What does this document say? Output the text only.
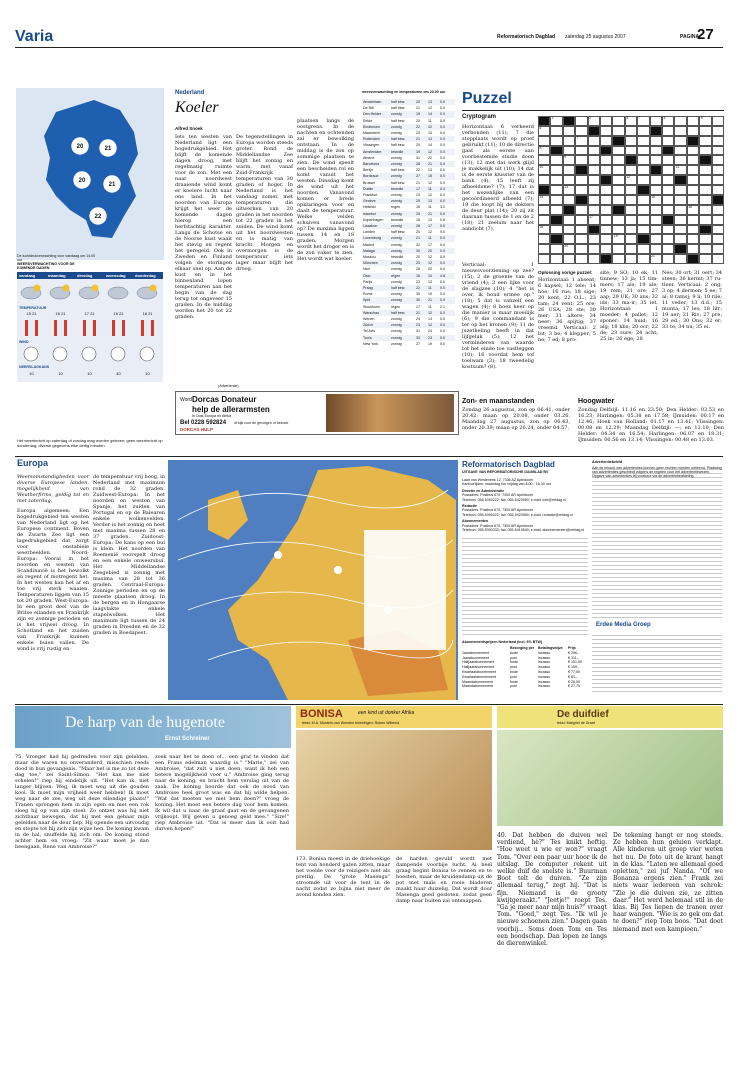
Varia	Reformatorisch Dagblad zaterdag 25 augustus 2007	PAGINA
27
20	21
20
21
22
De luchtdrukverwachting voor vandaag om 14.00 uur
WEERSVERWACHTING VOOR DE KOMENDE DAGEN
vandaag	maandag	dinsdag	woensdag donderdag
TEMPERATUUR
15 21	16 21	17 21	16 21	16 21
WIND
NEERSLAGKANS
10	10	10	40	10
Het weerbericht op zaterdag of zondag mag worden gelezen; geen weerbericht op donderdag; diverse gegevens elke dertig minuten.
Nederland
Koeler
Alfred Snoek
Iets ten westen van Nederland ligt een hogedrukgebied. Het blijft de komende dagen droog, met regelmatig ruimte voor de zon. Met een naar noordwest draaiende wind komt er koelere lucht naar ons land. In het noorden van Europa krijgt het weer de komende dagen hierop een herfstachtig karakter. Langs de Schotse en de Noorse kust waait het stevig en regent het geregeld. Ook in Zweden en Finland volgen de storingen elkaar snel op. Aan de kust en in het binnenland lopen temperaturen aan het begin van de dag terug tot ongeveer 15 graden. In de middag worden het 20 tot 22 graden.
De tegenstellingen in Europa worden steeds groter. Rond de Middellandse Zee blijft het zonnig en warm, met vanaf Zuid-Frankrijk temperaturen van 30 graden of hoger. In Nederland is het vandaag zomer, met temperaturen die uitwerken van 20 graden in het noorden tot 22 graden in het zuiden. De wind komt uit het noordwesten en is matig van kracht. Morgen en overmorgen is de temperatuur iets lager maar blijft het droog.
plaatsen langs de oostgrens. In de nachten en ochtenden zal er bewolking ontstaan. In de middag is de zon op sommige plaatsen te zien. De wind speelt een bescheiden rol en komt vanuit het westen. Dinsdag komt de wind uit het noorden. Vanavond komen er brede opklaringen voor en daalt de temperatuur. Welke velden schuiven vanavond op? De maxima liggen tussen 14 en 18 graden. Morgen wordt het droger en is de zon vaker te zien. Het wordt wat koeler.
weersverwachting en temperaturen om 20.00 uur
Amsterdam	half bew.	20	13	0.0
De Bilt	half bew.	21	12	0.0
Den Helder	zonnig	19	14	0.0
Eelde	half bew.	20	11	0.0
Eindhoven	zonnig	22	12	0.0
Maastricht	zonnig	23	13	0.0
Rotterdam	half bew.	21	13	0.0
Vlissingen	half bew.	20	14	0.0
Amsterdam	bewolkt	19	12	0.0
Athene	zonnig	31	22	0.0
Barcelona	zonnig	28	21	0.0
Berlijn	half bew.	22	13	0.0
Bordeaux	zonnig	27	15	0.0
Brussel	half bew.	21	12	0.0
Dublin	bewolkt	17	11	0.4
Frankfurt	zonnig	23	12	0.0
Genève	zonnig	25	13	0.0
Helsinki	regen	16	11	3.2
Istanbul	zonnig	29	21	0.0
Kopenhagen	bewolkt	18	13	0.6
Lissabon	zonnig	28	17	0.0
Londen	half bew.	20	12	0.0
Luxemburg	zonnig	21	11	0.0
Madrid	zonnig	32	17	0.0
Malaga	zonnig	30	20	0.0
Moskou	bewolkt	20	12	0.0
München	zonnig	23	12	0.0
Nice	zonnig	28	20	0.0
Oslo	regen	16	10	4.8
Parijs	zonnig	23	13	0.0
Praag	half bew.	22	11	0.0
Rome	zonnig	30	19	0.0
Split	zonnig	30	21	0.0
Stockholm	regen	17	11	2.1
Warschau	half bew.	21	12	0.0
Wenen	zonnig	24	14	0.0
Zürich	zonnig	23	12	0.0
Tel Aviv	zonnig	31	24	0.0
Tunis	zonnig	33	23	0.0
New York	zonnig	27	19	0.0
(Advertentie)
Word Dorcas Donateur
help de allerarmsten
in Oost-Europa en Afrika
Bel 0228 592824 of kijk voor de gevolgen of bezoek
DORCAS HULP
Puzzel
Cryptogram
Horizontaal: 6 verkeerd verbonden (11); 7 die stopplaats wordt op proef gebruikt (11); 10 de directie gaat als eerste aan voorbestemde studie doen (13); 12 met dat werk glijd je makkelijk uit (10); 14 dat is de eerste klusster van de bank (4); 15 leeft zij afbeeldsme? (7); 17 dat is het wezenlijke van een gecoördineerd afbeeld (7); 19 die loopt bij de dokters de deur plat (14); 20 zij zit daaraan tussen de 1 en de 2 (18); 21 zeelum naar het aandicht (7).
Verticaal: 1 nieuwsvoorziening op zee? (15); 2 de groente van de vriend (4); 3 een lijke voor de slagzee (10); 4 "het is over, ik houd ermee op." (18); 5 dat is vanzelf een wagen (4); 8 hoez keer op die manier is maar moeilijk (6); 9 die commandant is ter op het kronen (9); 11 de juzetheling heeft in dat lijfgeluk (5); 12 het verminderen van waarde tot het einde toe vastleggen (10); 16 voordat hem tof toelwam (3); 18 tweedelig kostuum? (8).
1	2	3	4	5
6
7
8
9
10	11
12
13
14	15
16
17
18
19
20
21
Oplossing vorige puzzel:
Horizontaal: 1 absent; 6 kapsel; 12 tele; 14 hoe; 16 rus; 18 sige; 20 kent; 22 O.L.; 23 tam; 24 vent; 25 ore; 26 USA; 28 ste; 30 mer; 31 altere; 34 neer; 36 spijtig; 37 vreemd. Verticaal: 2 bit; 3 be; 4 klepper; 5 ne; 7 ed; 8 pro-
site; 9 SO; 10 ek; 11 tinnew; 13 ja; 15 tim-mers; 17 als; 19 ale; 19 rem; 21 ore; 27 aap; 29 UK; 30 ans; 32 ids; 33 ma-ir; 35 iet. Horizontaal: 1 moeder; 4 pallet; 12 sponer; 14 huid; 16 alg; 18 kbx; 20 ocr; 22 de; 23 sure; 24 acht; 25 in; 26 ege; 28
Nes; 30 ort; 31 oert; 34 steen; 36 kermt; 37 ru-tleer. Verticaal: 2 ong; 3 op; 4 dermen; 5 ee; 7 al; 8 ramsj; 9 li; 10 rile; 11 veder; 13 d.d.; 15 munta; 17 les; 18 litr; 19 aer; 21 Riv; 27 pre; 29 ed.; 30 Ons; 32 er; 33 te; 34 nu; 35 ei.
Zon- en maanstanden
Zondag 26 augustus, zon op 06.41, onder 20.42; maan op 20.08, onder 03.26. Maandag 27 augustus, zon op 06.43, onder 20.39; maan op 20.24, onder 04.57.
Hoogwater
Zondag Delfzijl: 11.16 en 23.50; Den Helder: 03.53 en 16.23; Harlingen: 05.38 en 17.58; IJmuiden: 00.17 en 12.46; Hoek van Holland: 01.17 en 13.41; Vlissingen: 00.08 en 12.29; Maandag Delfzijl: —; en 12.10; Den Helder: 04.34 en 16.54; Harlingen: 06.07 en 18.31; IJmuiden: 00.56 en 13.14; Vlissingen: 00.48 en 13.03.
Europa
Weersomstandigheden voor diverse Europese landen, mogelijkheid van Weatherfirms, geldig tot en met zaterdag.
Europa algemeen: Een hogedrukgebied ten westen van Nederland ligt op het Europese continent. Boven de Zwarte Zee ligt een lagedrukgebied dat zorgt voor onstabiele weerbeelden. Noord-Europa: Vooral in het noorden en westen van Scandinavië is het bewolkt en regent of motregent het. In het westen kan het af en toe vrij sterk waaien. Temperaturen liggen van 15 tot 20 graden. West-Europa: In een groot deel van de Britse eilanden en Frankrijk zijn er zonnige perioden en is het vrijwel droog. In Schotland en het zuiden van Frankrijk kunnen enkele buien vallen. De wind is vrij rustig en
de temperatuur vrij hoog, in Nederland met maximum rond de 32 graden. Zuidwest-Europa: In het noorden en westen van Spanje, het zuiden van Portugal en op de Balearen enkele wolkenvelden. Verder is het zonnig en heet met maxima tussen 28 en 37 graden. Zuidoost-Europa: De kans op een bui is klein. Het noorden van Roemenië voorspelt droog en een enkele onweersbui. Het Middellandse Zeegebied is zonnig met maxima van 28 tot 36 graden. Centraal-Europa: Zonnige perioden en op de meeste plaatsen droog. In de bergen en in Hongaarse laagvlakte enkele stapelwolken. Het maximum ligt tussen de 24 graden in Dresden en de 32 graden in Boedapest.
Reformatorisch Dagblad
UITGAVE VAN REFORMATORISCHE DAGBLAD BV
Laan van Westenenk 12, 7336 AZ Apeldoorn
Kantoortijden: maandag t/m vrijdag van 8.00 - 16.30 uur
Directie en Administratie
Postadres: Postbus 670, 7300 AR Apeldoorn
Telefoon: 055-5390222; fax: 055-5423950; e-mail: info@refdag.nl
Redactie
Postadres: Postbus 670, 7300 AR Apeldoorn
Telefoon: 055-5390222; fax: 055-5423950; e-mail: redactie@refdag.nl
Abonnementen
Postadres: Postbus 670, 7300 AR Apeldoorn
Telefoon: 055-5390333; fax: 055-5419540; e-mail: abonnementen@refdag.nl
Abonnementsprijzen Nederland (incl. 6% BTW)
Bezorging per	Betalingswijze	Prijs
Jaarabonnement	bode	incasso	€ 296,-
Jaarabonnement	post	incasso	€ 311,-
Halfjaarabonnement	bode	incasso	€ 151,50
Halfjaarabonnement	post	incasso	€ 159,-
Kwartaalabonnement	bode	incasso	€ 77,50
Kwartaalabonnement	post	incasso	€ 81,-
Maandabonnement	bode	incasso	€ 26,50
Maandabonnement	post	incasso	€ 27,75
Advertentiebeleid
Aan de inhoud van advertenties kunnen geen rechten worden ontleend. Plaatsing van advertenties geschiedt volgens de regelen voor het advertentiewezen. Opgave van advertenties bij voorkeur via de advertentieafdeling.
Erdee Media Groep
De harp van de hugenote
Ernst Schreiner
75. Vroeger had hij gedreiden voor zijn gelelden, maar die waren nu onveranderd, misschien reeds dood in hun gevangenis. "Maar het is me zo tot deze dag toe," zei Saint-Simon. "Het kan me niet schelen!" riep hij eindelijk uit. "Het kan ik, niet langer blijven. Weg, ik moet weg uit die gouden kooi. Ik moet mijn vrijheid weer hebben! Ik moet weg naar de zee, weg uit deze ellendige plaats!" Tranen sprongen hem in zijn ogen en met een rok sloeg hij op van zijn stoel. Zo ontzet was hij niet zichtbaar bewogen, dat hij met een gebaar mijn gelelden naar de deur liep. Hij opende een uitvoudig en stopte tot hij zich zijn wijze hen. De koning kwam in de hal, snuffelde hij zich om. De koning stond achter hem en vroeg: "Zit waar moet je dan heengaan, Rene van Ambroise?"
zoek naar het te doen of... een graf te vinden dat een Frans edelman waardig is." "Marie," zei van Ambroise, "dat zult u niet doen, want ik heb een betere mogelijkheid voor u." Ambroise ging terug naar de koning, en bracht hem verslag uit van de zaak. De koning hoorde dat ook de nood van Ambroise heel groot was en dat hij wilde helpen. "Wat dat moeten we met hem doen?" vroeg de koning. Het moet een betere dag voor hem komen. Ik wil dat u naar de graaf gaat en de gevangenen vrijkoopt. Wij geven u genoeg geld mee." "Sire!" riep Ambroise uit. "Dat is meer dan ik ooit had durven hopen!"
BONISA	een kind uit donker Afrika
tekst: M.A. Muntein-van Wenden tekeningen: Ruben Wiltema
173. Bonisa moest in de driehoekige tent van honderd gaten zitten, maar het voelde voor de reizigers niet als prettig. De "grote Masenga" stroomde uit voor de tent in de nacht zodat ze bijna niet meer de avond konden zien.
de harden gevuld wordt met dampende voorbije lucht. Al heel graag begint Bonisa te rennen en te hoesten, maar de kruidendamp uit de pot met maïs en rooie bladeren maakt haar duizelig. Dat wordt door Masenga goed gesloten, zodat geen damp naar buiten zal ontsnappen.
De duifdief
tekst: Margriet de Graaf
40. Dat hebben de duiven wel verdiend, hè?" Tes knikt heftig. "Hoe weet u wie er won?" vraagt Tom. "Over een paar uur hoor ik de uitslag. De computer rekent uit welke duif de snelste is." Buurman Boot telt de duiven. "Ze zijn allemaal terug," zegt hij. "Dat is fijn. Niemand is de grooty kwijtgeraakt." "Jeetje!" roept Tes. "Ga je meer naar mijn huis?" vraagt Tom. "Goed," zegt Tes. "Ik wil je nieuwe schoenen zien." Dagen gaan voorbij... Soms doen Tom en Tes een boodschap. Dan lopen ze langs de dierenwinkel.
De tekening hangt er nog steeds. Ze hebben hun geluien verklapt. Alle kinderen uit groep vier weten het nu. De foto uit de krant hangt in de klas. "Laten we allemaal goed opletten," zei juf Nanda. "Of we Bonanza ergens zien." Frank zei niets waar iedereen van schrok: "Zie je die duiven zie, ze zitten daar." Het werd helemaal stil in de klas. Bij Tes liepen de tranen over haar wangen. "Wie is zo gek om dat te doen?" riep Tom boos. "Dat doet niemand met een kampioen."
